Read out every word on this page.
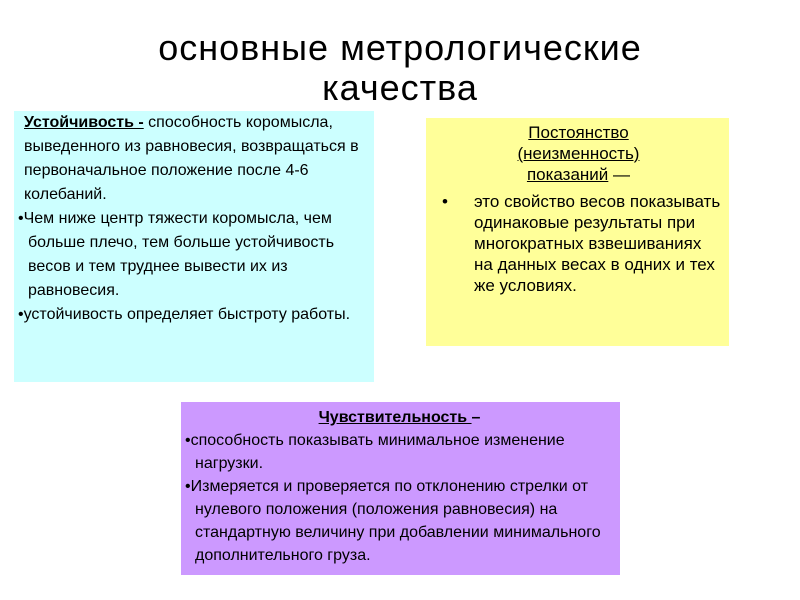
основные метрологические
качества
Устойчивость - способность коромысла, выведенного из равновесия, возвращаться в первоначальное положение после 4-6 колебаний.
•Чем ниже центр тяжести коромысла, чем больше плечо, тем больше устойчивость весов и тем труднее вывести их из равновесия.
•устойчивость определяет быстроту работы.
Постоянство
(неизменность)
показаний —
• это свойство весов показывать одинаковые результаты при многократных взвешиваниях на данных весах в одних и тех же условиях.
Чувствительность –
•способность показывать минимальное изменение нагрузки.
•Измеряется и проверяется по отклонению стрелки от нулевого положения (положения равновесия) на стандартную величину при добавлении минимального дополнительного груза.
